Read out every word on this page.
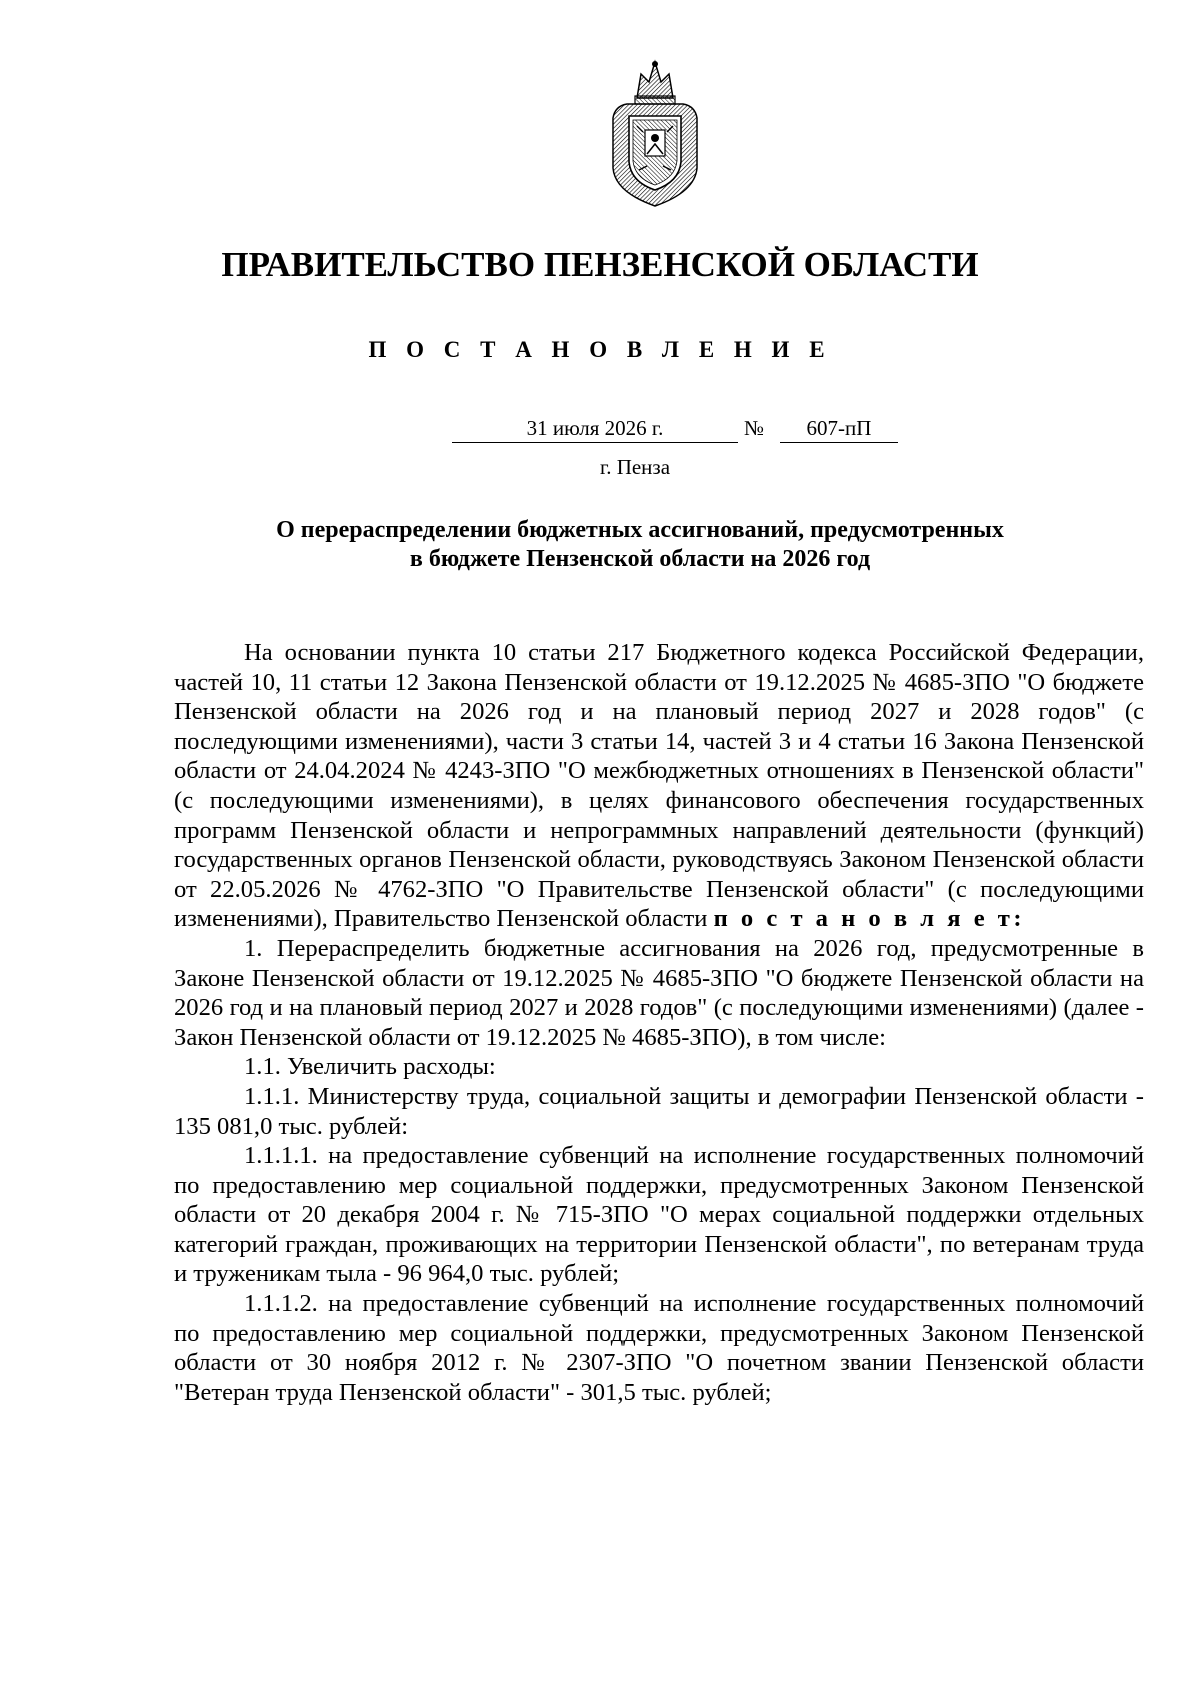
ПРАВИТЕЛЬСТВО ПЕНЗЕНСКОЙ ОБЛАСТИ
П О С Т А Н О В Л Е Н И Е
31 июля 2026 г.	№	607-пП
г. Пенза
О перераспределении бюджетных ассигнований, предусмотренных
в бюджете Пензенской области на 2026 год

На основании пункта 10 статьи 217 Бюджетного кодекса Российской Федерации, частей 10, 11 статьи 12 Закона Пензенской области от 19.12.2025 № 4685-ЗПО "О бюджете Пензенской области на 2026 год и на плановый период 2027 и 2028 годов" (с последующими изменениями), части 3 статьи 14, частей 3 и 4 статьи 16 Закона Пензенской области от 24.04.2024 № 4243-ЗПО "О межбюджетных отношениях в Пензенской области" (с последующими изменениями), в целях финансового обеспечения государственных программ Пензенской области и непрограммных направлений деятельности (функций) государственных органов Пензенской области, руководствуясь Законом Пензенской области от 22.05.2026 № 4762-ЗПО "О Правительстве Пензенской области" (с последующими изменениями), Правительство Пензенской области п о с т а н о в л я е т:

1. Перераспределить бюджетные ассигнования на 2026 год, предусмотренные в Законе Пензенской области от 19.12.2025 № 4685-ЗПО "О бюджете Пензенской области на 2026 год и на плановый период 2027 и 2028 годов" (с последующими изменениями) (далее - Закон Пензенской области от 19.12.2025 № 4685-ЗПО), в том числе:

1.1. Увеличить расходы:

1.1.1. Министерству труда, социальной защиты и демографии Пензенской области - 135 081,0 тыс. рублей:

1.1.1.1. на предоставление субвенций на исполнение государственных полномочий по предоставлению мер социальной поддержки, предусмотренных Законом Пензенской области от 20 декабря 2004 г. № 715-ЗПО "О мерах социальной поддержки отдельных категорий граждан, проживающих на территории Пензенской области", по ветеранам труда и труженикам тыла - 96 964,0 тыс. рублей;

1.1.1.2. на предоставление субвенций на исполнение государственных полномочий по предоставлению мер социальной поддержки, предусмотренных Законом Пензенской области от 30 ноября 2012 г. № 2307-ЗПО "О почетном звании Пензенской области "Ветеран труда Пензенской области" - 301,5 тыс. рублей;
